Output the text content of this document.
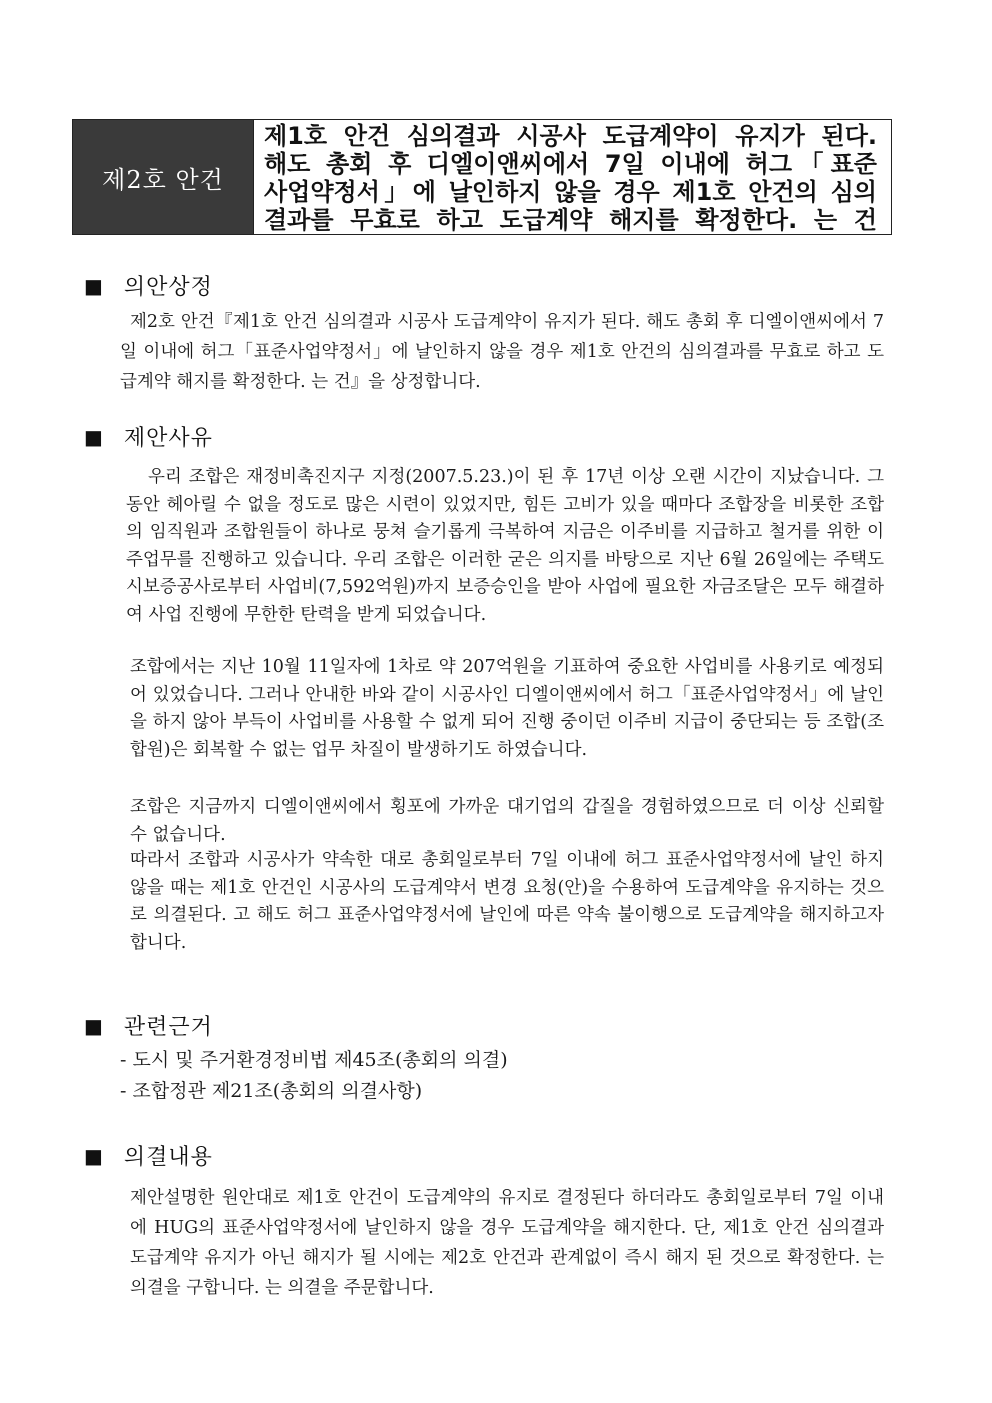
제2호 안건
제1호 안건 심의결과 시공사 도급계약이 유지가 된다.
해도 총회 후 디엘이앤씨에서 7일 이내에 허그「표준
사업약정서」에 날인하지 않을 경우 제1호 안건의 심의
결과를 무효로 하고 도급계약 해지를 확정한다. 는 건
■ 의안상정
제2호 안건『제1호 안건 심의결과 시공사 도급계약이 유지가 된다. 해도 총회 후 디엘이앤씨에서 7일 이내에 허그「표준사업약정서」에 날인하지 않을 경우 제1호 안건의 심의결과를 무효로 하고 도급계약 해지를 확정한다. 는 건』을 상정합니다.
■ 제안사유
우리 조합은 재정비촉진지구 지정(2007.5.23.)이 된 후 17년 이상 오랜 시간이 지났습니다. 그동안 헤아릴 수 없을 정도로 많은 시련이 있었지만, 힘든 고비가 있을 때마다 조합장을 비롯한 조합의 임직원과 조합원들이 하나로 뭉쳐 슬기롭게 극복하여 지금은 이주비를 지급하고 철거를 위한 이주업무를 진행하고 있습니다. 우리 조합은 이러한 굳은 의지를 바탕으로 지난 6월 26일에는 주택도시보증공사로부터 사업비(7,592억원)까지 보증승인을 받아 사업에 필요한 자금조달은 모두 해결하여 사업 진행에 무한한 탄력을 받게 되었습니다.
조합에서는 지난 10월 11일자에 1차로 약 207억원을 기표하여 중요한 사업비를 사용키로 예정되어 있었습니다. 그러나 안내한 바와 같이 시공사인 디엘이앤씨에서 허그「표준사업약정서」에 날인을 하지 않아 부득이 사업비를 사용할 수 없게 되어 진행 중이던 이주비 지급이 중단되는 등 조합(조합원)은 회복할 수 없는 업무 차질이 발생하기도 하였습니다.
조합은 지금까지 디엘이앤씨에서 횡포에 가까운 대기업의 갑질을 경험하였으므로 더 이상 신뢰할 수 없습니다.
따라서 조합과 시공사가 약속한 대로 총회일로부터 7일 이내에 허그 표준사업약정서에 날인 하지 않을 때는 제1호 안건인 시공사의 도급계약서 변경 요청(안)을 수용하여 도급계약을 유지하는 것으로 의결된다. 고 해도 허그 표준사업약정서에 날인에 따른 약속 불이행으로 도급계약을 해지하고자 합니다.
■ 관련근거
- 도시 및 주거환경정비법 제45조(총회의 의결)
- 조합정관 제21조(총회의 의결사항)
■ 의결내용
제안설명한 원안대로 제1호 안건이 도급계약의 유지로 결정된다 하더라도 총회일로부터 7일 이내에 HUG의 표준사업약정서에 날인하지 않을 경우 도급계약을 해지한다. 단, 제1호 안건 심의결과 도급계약 유지가 아닌 해지가 될 시에는 제2호 안건과 관계없이 즉시 해지 된 것으로 확정한다. 는 의결을 구합니다. 는 의결을 주문합니다.
